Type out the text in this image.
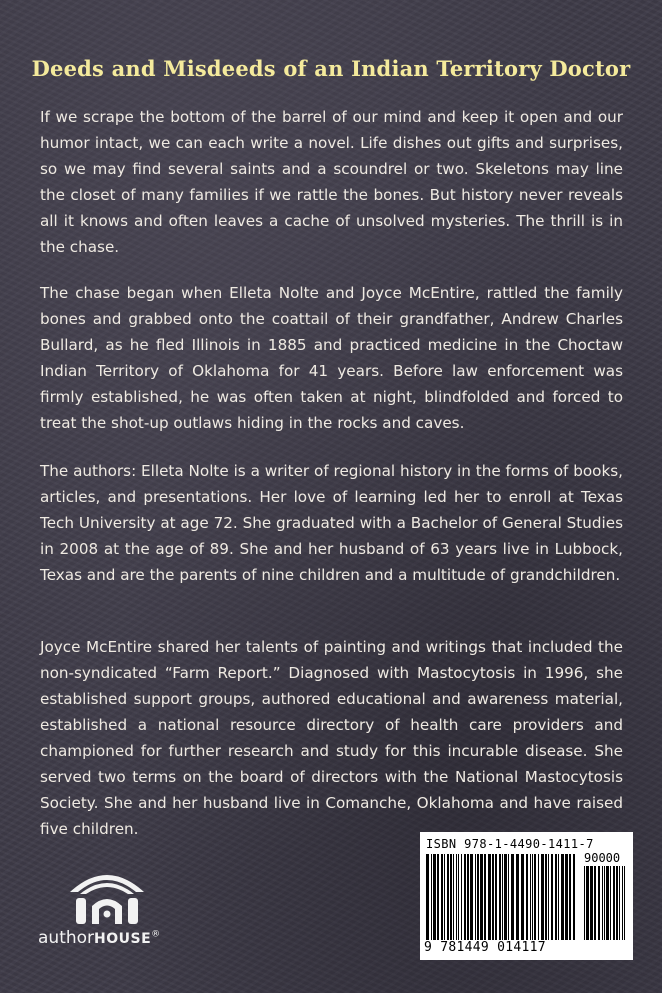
Deeds and Misdeeds of an Indian Territory Doctor

If we scrape the bottom of the barrel of our mind and keep it open and our humor intact, we can each write a novel. Life dishes out gifts and surprises, so we may find several saints and a scoundrel or two. Skeletons may line the closet of many families if we rattle the bones. But history never reveals all it knows and often leaves a cache of unsolved mysteries. The thrill is in the chase.

The chase began when Elleta Nolte and Joyce McEntire, rattled the family bones and grabbed onto the coattail of their grandfather, Andrew Charles Bullard, as he fled Illinois in 1885 and practiced medicine in the Choctaw Indian Territory of Oklahoma for 41 years. Before law enforcement was firmly established, he was often taken at night, blindfolded and forced to treat the shot-up outlaws hiding in the rocks and caves.

The authors: Elleta Nolte is a writer of regional history in the forms of books, articles, and presentations. Her love of learning led her to enroll at Texas Tech University at age 72. She graduated with a Bachelor of General Studies in 2008 at the age of 89. She and her husband of 63 years live in Lubbock, Texas and are the parents of nine children and a multitude of grandchildren.

Joyce McEntire shared her talents of painting and writings that included the non-syndicated “Farm Report.” Diagnosed with Mastocytosis in 1996, she established support groups, authored educational and awareness material, established a national resource directory of health care providers and championed for further research and study for this incurable disease. She served two terms on the board of directors with the National Mastocytosis Society. She and her husband live in Comanche, Oklahoma and have raised five children.

authorHOUSE®
ISBN 978-1-4490-1411-7
90000
9 781449 014117
